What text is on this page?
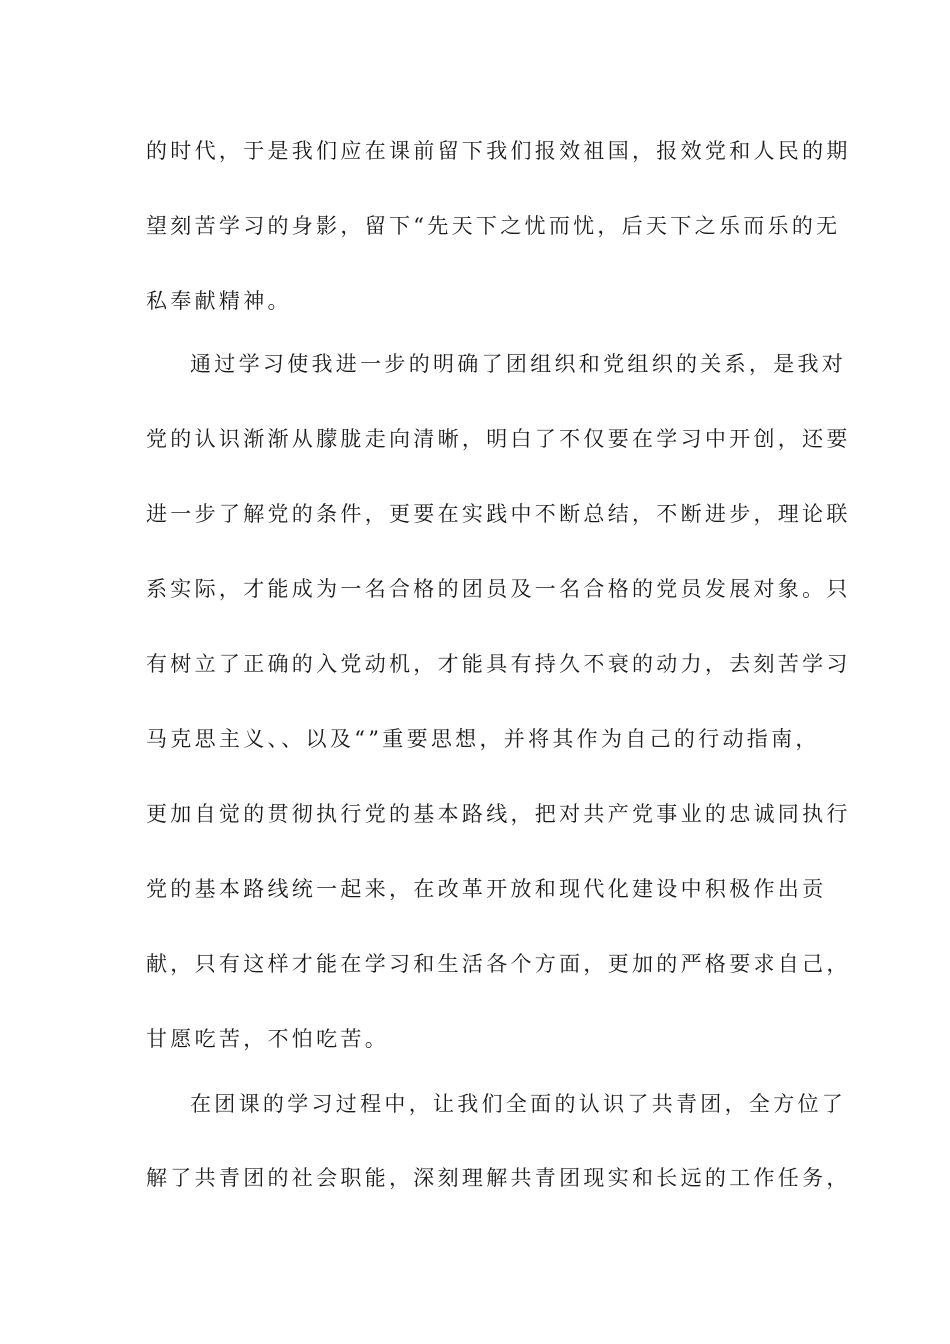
的时代，于是我们应在课前留下我们报效祖国，报效党和人民的期
望刻苦学习的身影，留下“先天下之忧而忧，后天下之乐而乐的无
私奉献精神。
通过学习使我进一步的明确了团组织和党组织的关系，是我对
党的认识渐渐从朦胧走向清晰，明白了不仅要在学习中开创，还要
进一步了解党的条件，更要在实践中不断总结，不断进步，理论联
系实际，才能成为一名合格的团员及一名合格的党员发展对象。只
有树立了正确的入党动机，才能具有持久不衰的动力，去刻苦学习
马克思主义、、以及“”重要思想，并将其作为自己的行动指南，
更加自觉的贯彻执行党的基本路线，把对共产党事业的忠诚同执行
党的基本路线统一起来，在改革开放和现代化建设中积极作出贡
献，只有这样才能在学习和生活各个方面，更加的严格要求自己，
甘愿吃苦，不怕吃苦。
在团课的学习过程中，让我们全面的认识了共青团，全方位了
解了共青团的社会职能，深刻理解共青团现实和长远的工作任务，
